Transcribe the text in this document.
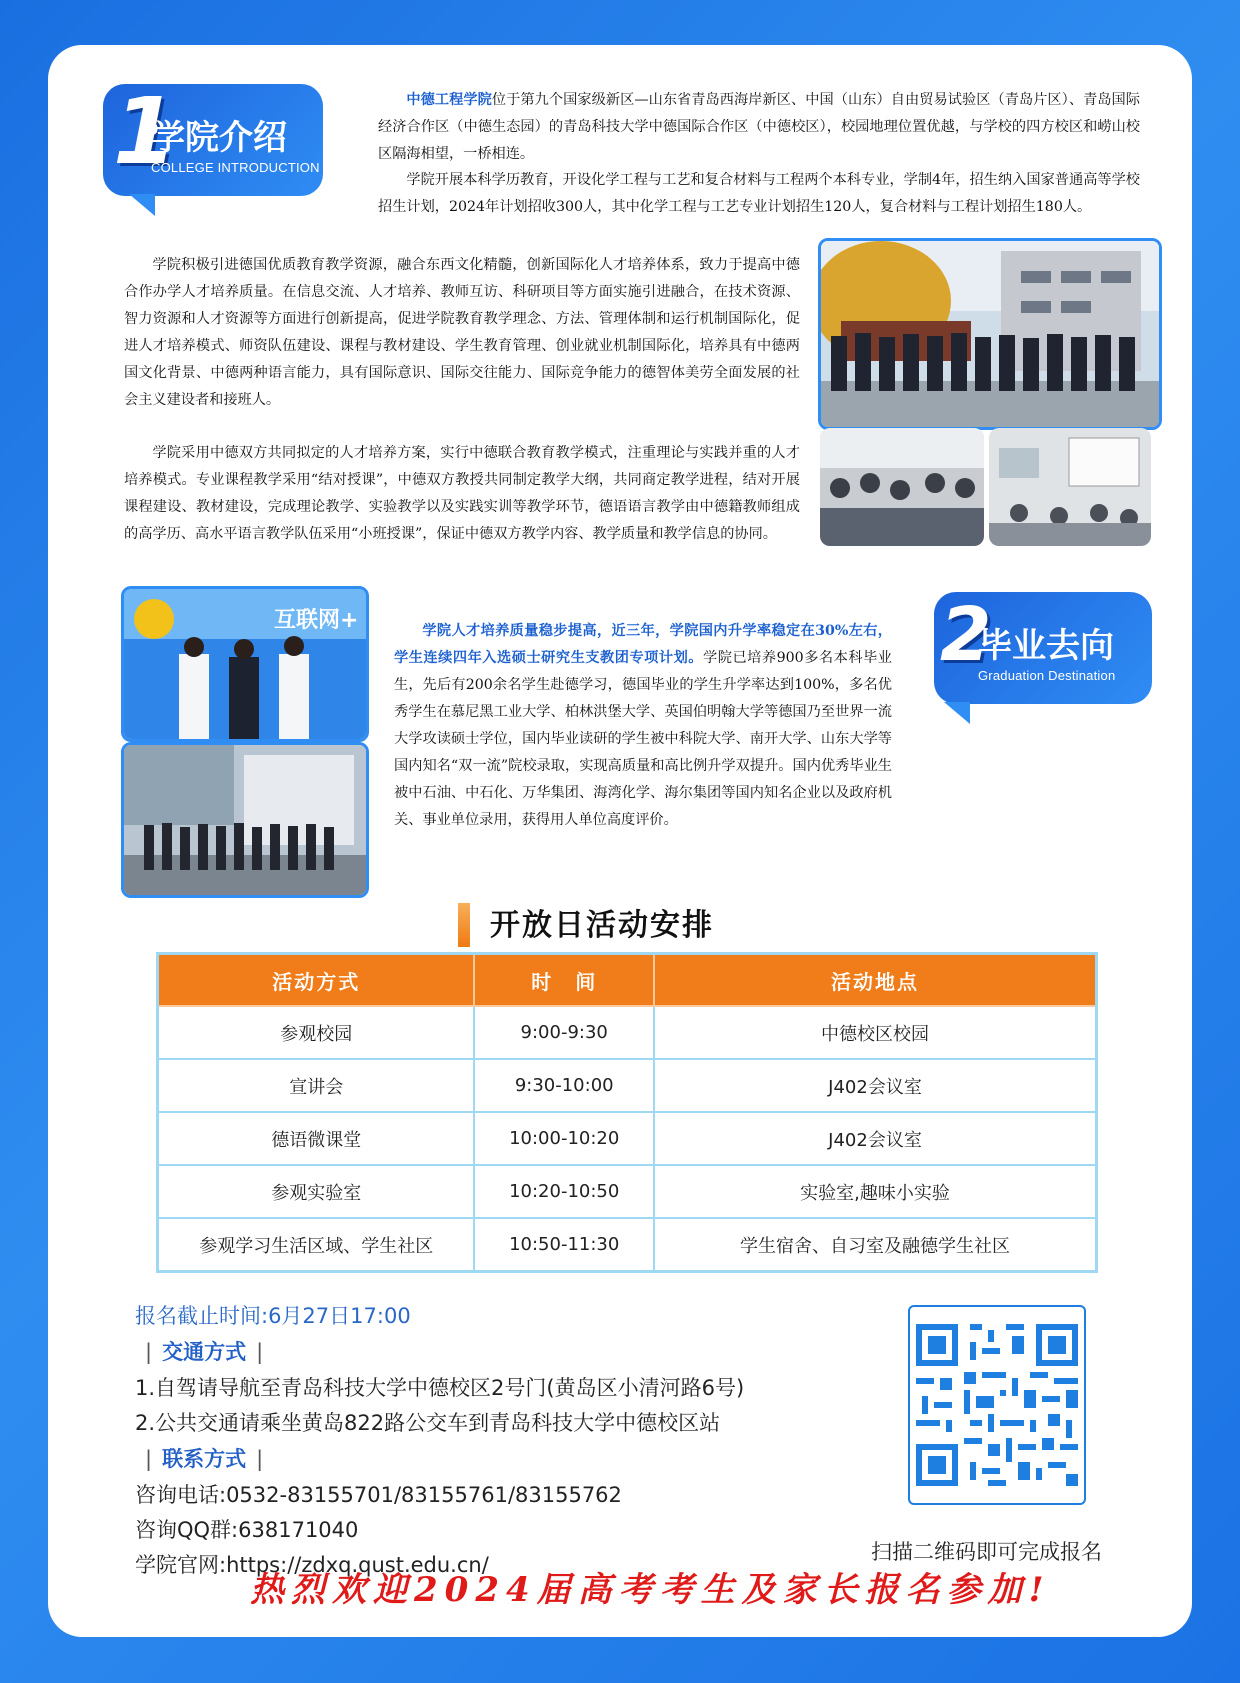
1
学院介绍
COLLEGE INTRODUCTION

中德工程学院位于第九个国家级新区—山东省青岛西海岸新区、中国（山东）自由贸易试验区（青岛片区）、青岛国际经济合作区（中德生态园）的青岛科技大学中德国际合作区（中德校区），校园地理位置优越，与学校的四方校区和崂山校区隔海相望，一桥相连。

学院开展本科学历教育，开设化学工程与工艺和复合材料与工程两个本科专业，学制4年，招生纳入国家普通高等学校招生计划，2024年计划招收300人，其中化学工程与工艺专业计划招生120人，复合材料与工程计划招生180人。

学院积极引进德国优质教育教学资源，融合东西文化精髓，创新国际化人才培养体系，致力于提高中德合作办学人才培养质量。在信息交流、人才培养、教师互访、科研项目等方面实施引进融合，在技术资源、智力资源和人才资源等方面进行创新提高，促进学院教育教学理念、方法、管理体制和运行机制国际化，促进人才培养模式、师资队伍建设、课程与教材建设、学生教育管理、创业就业机制国际化，培养具有中德两国文化背景、中德两种语言能力，具有国际意识、国际交往能力、国际竞争能力的德智体美劳全面发展的社会主义建设者和接班人。

学院采用中德双方共同拟定的人才培养方案，实行中德联合教育教学模式，注重理论与实践并重的人才培养模式。专业课程教学采用“结对授课”，中德双方教授共同制定教学大纲，共同商定教学进程，结对开展课程建设、教材建设，完成理论教学、实验教学以及实践实训等教学环节，德语语言教学由中德籍教师组成的高学历、高水平语言教学队伍采用“小班授课”，保证中德双方教学内容、教学质量和教学信息的协同。

互联网+	2
毕业去向
Graduation Destination

学院人才培养质量稳步提高，近三年，学院国内升学率稳定在30%左右，学生连续四年入选硕士研究生支教团专项计划。学院已培养900多名本科毕业生，先后有200余名学生赴德学习，德国毕业的学生升学率达到100%，多名优秀学生在慕尼黑工业大学、柏林洪堡大学、英国伯明翰大学等德国乃至世界一流大学攻读硕士学位，国内毕业读研的学生被中科院大学、南开大学、山东大学等国内知名“双一流”院校录取，实现高质量和高比例升学双提升。国内优秀毕业生被中石油、中石化、万华集团、海湾化学、海尔集团等国内知名企业以及政府机关、事业单位录用，获得用人单位高度评价。

开放日活动安排
活动方式	时　间	活动地点
参观校园	9:00-9:30	中德校区校园
宣讲会	9:30-10:00	J402会议室
德语微课堂	10:00-10:20	J402会议室
参观实验室	10:20-10:50	实验室,趣味小实验
参观学习生活区域、学生社区	10:50-11:30	学生宿舍、自习室及融德学生社区
报名截止时间:6月27日17:00
| 交通方式 |
1.自驾请导航至青岛科技大学中德校区2号门(黄岛区小清河路6号)
2.公共交通请乘坐黄岛822路公交车到青岛科技大学中德校区站
| 联系方式 |
咨询电话:0532-83155701/83155761/83155762
咨询QQ群:638171040
学院官网:https://zdxq.qust.edu.cn/
扫描二维码即可完成报名
热烈欢迎2024届高考考生及家长报名参加!
